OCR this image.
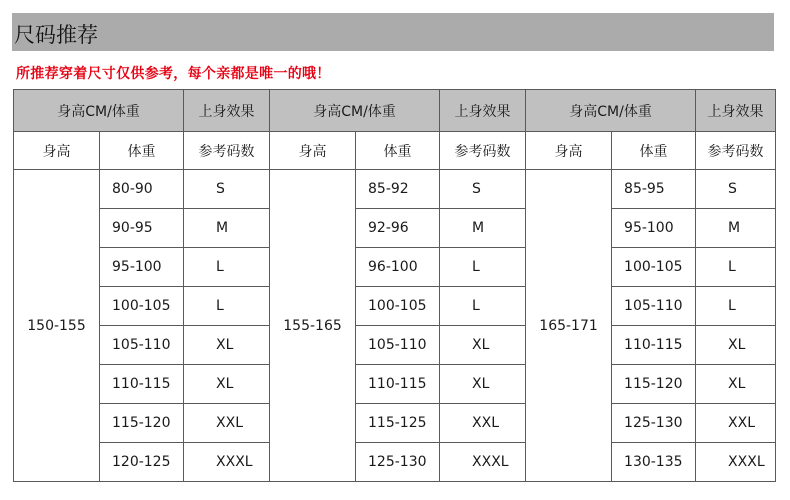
尺码推荐
所推荐穿着尺寸仅供参考，每个亲都是唯一的哦！
身高CM/体重		上身效果	身高CM/体重		上身效果	身高CM/体重		上身效果
身高	体重	参考码数	身高	体重	参考码数	身高	体重	参考码数
150-155	80-90	S	155-165	85-92	S	165-171	85-95	S
	90-95	M		92-96	M		95-100	M
	95-100	L		96-100	L		100-105	L
	100-105	L		100-105	L		105-110	L
	105-110	XL		105-110	XL		110-115	XL
	110-115	XL		110-115	XL		115-120	XL
	115-120	XXL		115-125	XXL		125-130	XXL
	120-125	XXXL		125-130	XXXL		130-135	XXXL
